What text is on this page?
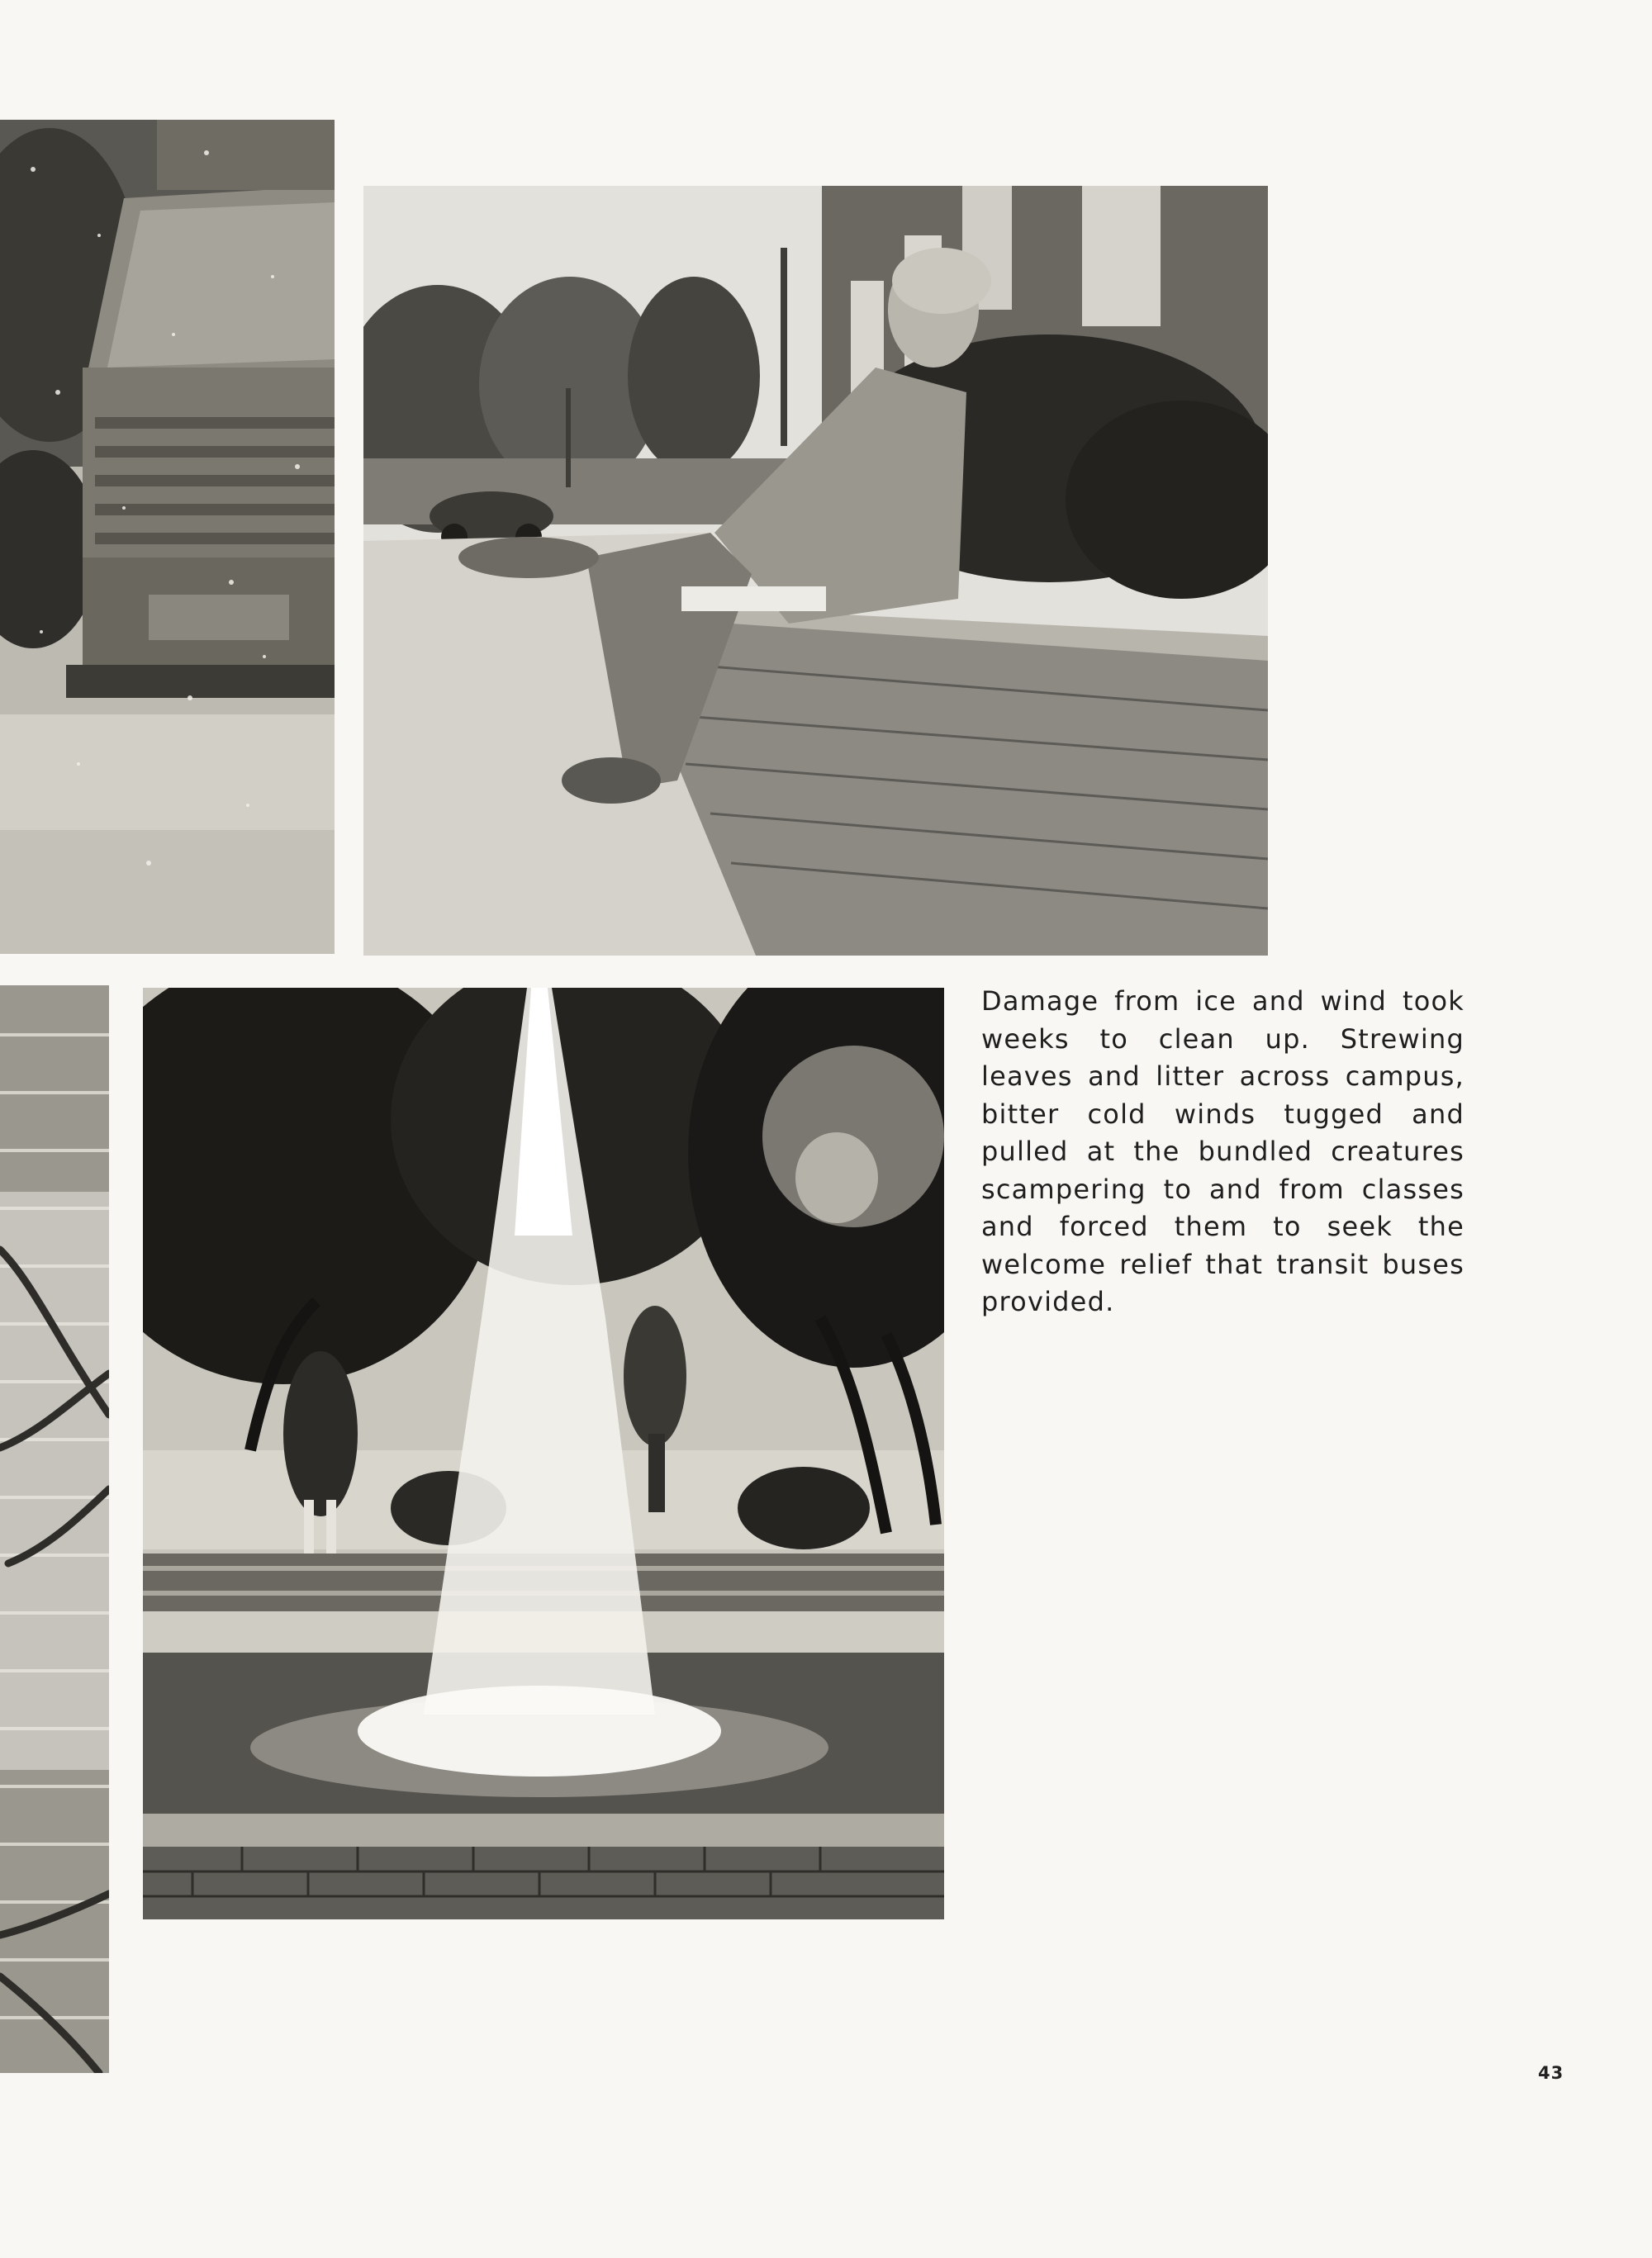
Damage from ice and wind took weeks to clean up. Strewing leaves and litter across campus, bitter cold winds tugged and pulled at the bundled creatures scampering to and from classes and forced them to seek the welcome relief that transit buses provided.

43
